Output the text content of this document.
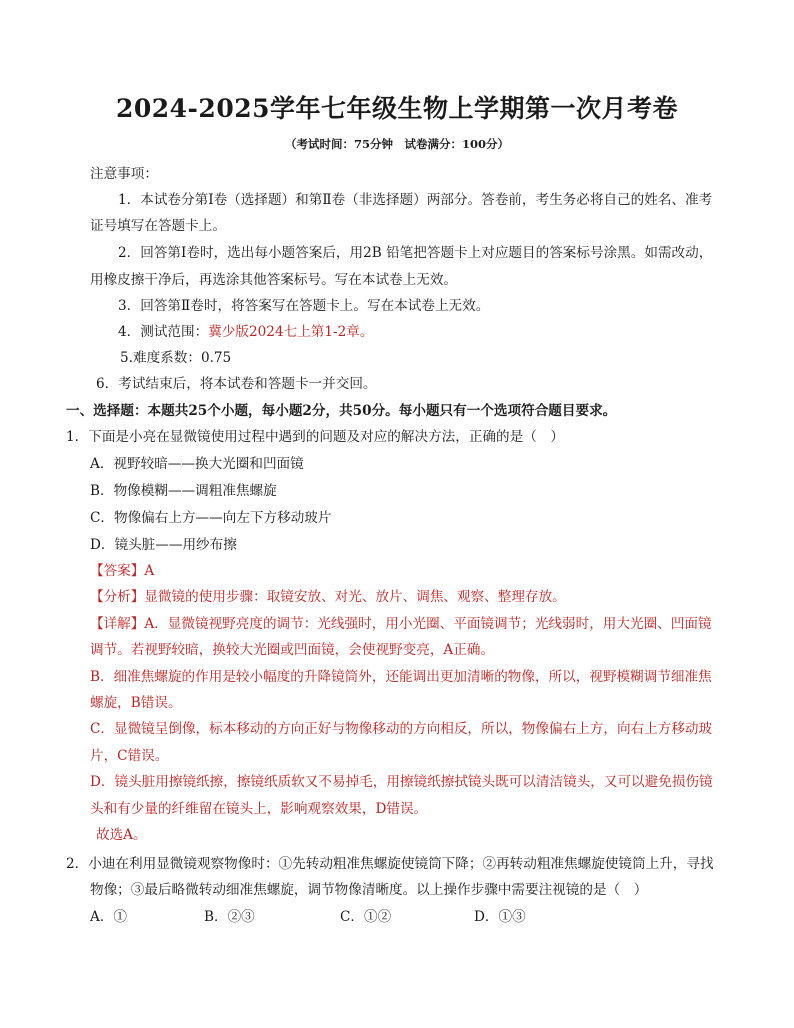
2024-2025学年七年级生物上学期第一次月考卷
（考试时间：75分钟　试卷满分：100分）
注意事项：
1．本试卷分第Ⅰ卷（选择题）和第Ⅱ卷（非选择题）两部分。答卷前，考生务必将自己的姓名、准考
证号填写在答题卡上。
2．回答第Ⅰ卷时，选出每小题答案后，用2B 铅笔把答题卡上对应题目的答案标号涂黑。如需改动，
用橡皮擦干净后，再选涂其他答案标号。写在本试卷上无效。
3．回答第Ⅱ卷时，将答案写在答题卡上。写在本试卷上无效。
4．测试范围：冀少版2024七上第1-2章。
5.难度系数：0.75
6．考试结束后，将本试卷和答题卡一并交回。
一、选择题：本题共25个小题，每小题2分，共50分。每小题只有一个选项符合题目要求。
1．下面是小亮在显微镜使用过程中遇到的问题及对应的解决方法，正确的是（　）
A．视野较暗——换大光圈和凹面镜
B．物像模糊——调粗准焦螺旋
C．物像偏右上方——向左下方移动玻片
D．镜头脏——用纱布擦
【答案】A
【分析】显微镜的使用步骤：取镜安放、对光、放片、调焦、观察、整理存放。
【详解】A．显微镜视野亮度的调节：光线强时，用小光圈、平面镜调节；光线弱时，用大光圈、凹面镜
调节。若视野较暗，换较大光圈或凹面镜，会使视野变亮，A正确。
B．细准焦螺旋的作用是较小幅度的升降镜筒外，还能调出更加清晰的物像，所以，视野模糊调节细准焦
螺旋，B错误。
C．显微镜呈倒像，标本移动的方向正好与物像移动的方向相反，所以，物像偏右上方，向右上方移动玻
片，C错误。
D．镜头脏用擦镜纸擦，擦镜纸质软又不易掉毛，用擦镜纸擦拭镜头既可以清洁镜头，又可以避免损伤镜
头和有少量的纤维留在镜头上，影响观察效果，D错误。
故选A。
2．小迪在利用显微镜观察物像时：①先转动粗准焦螺旋使镜筒下降；②再转动粗准焦螺旋使镜筒上升，寻找
物像；③最后略微转动细准焦螺旋，调节物像清晰度。以上操作步骤中需要注视镜的是（　）
A．①	B．②③	C．①②	D．①③
